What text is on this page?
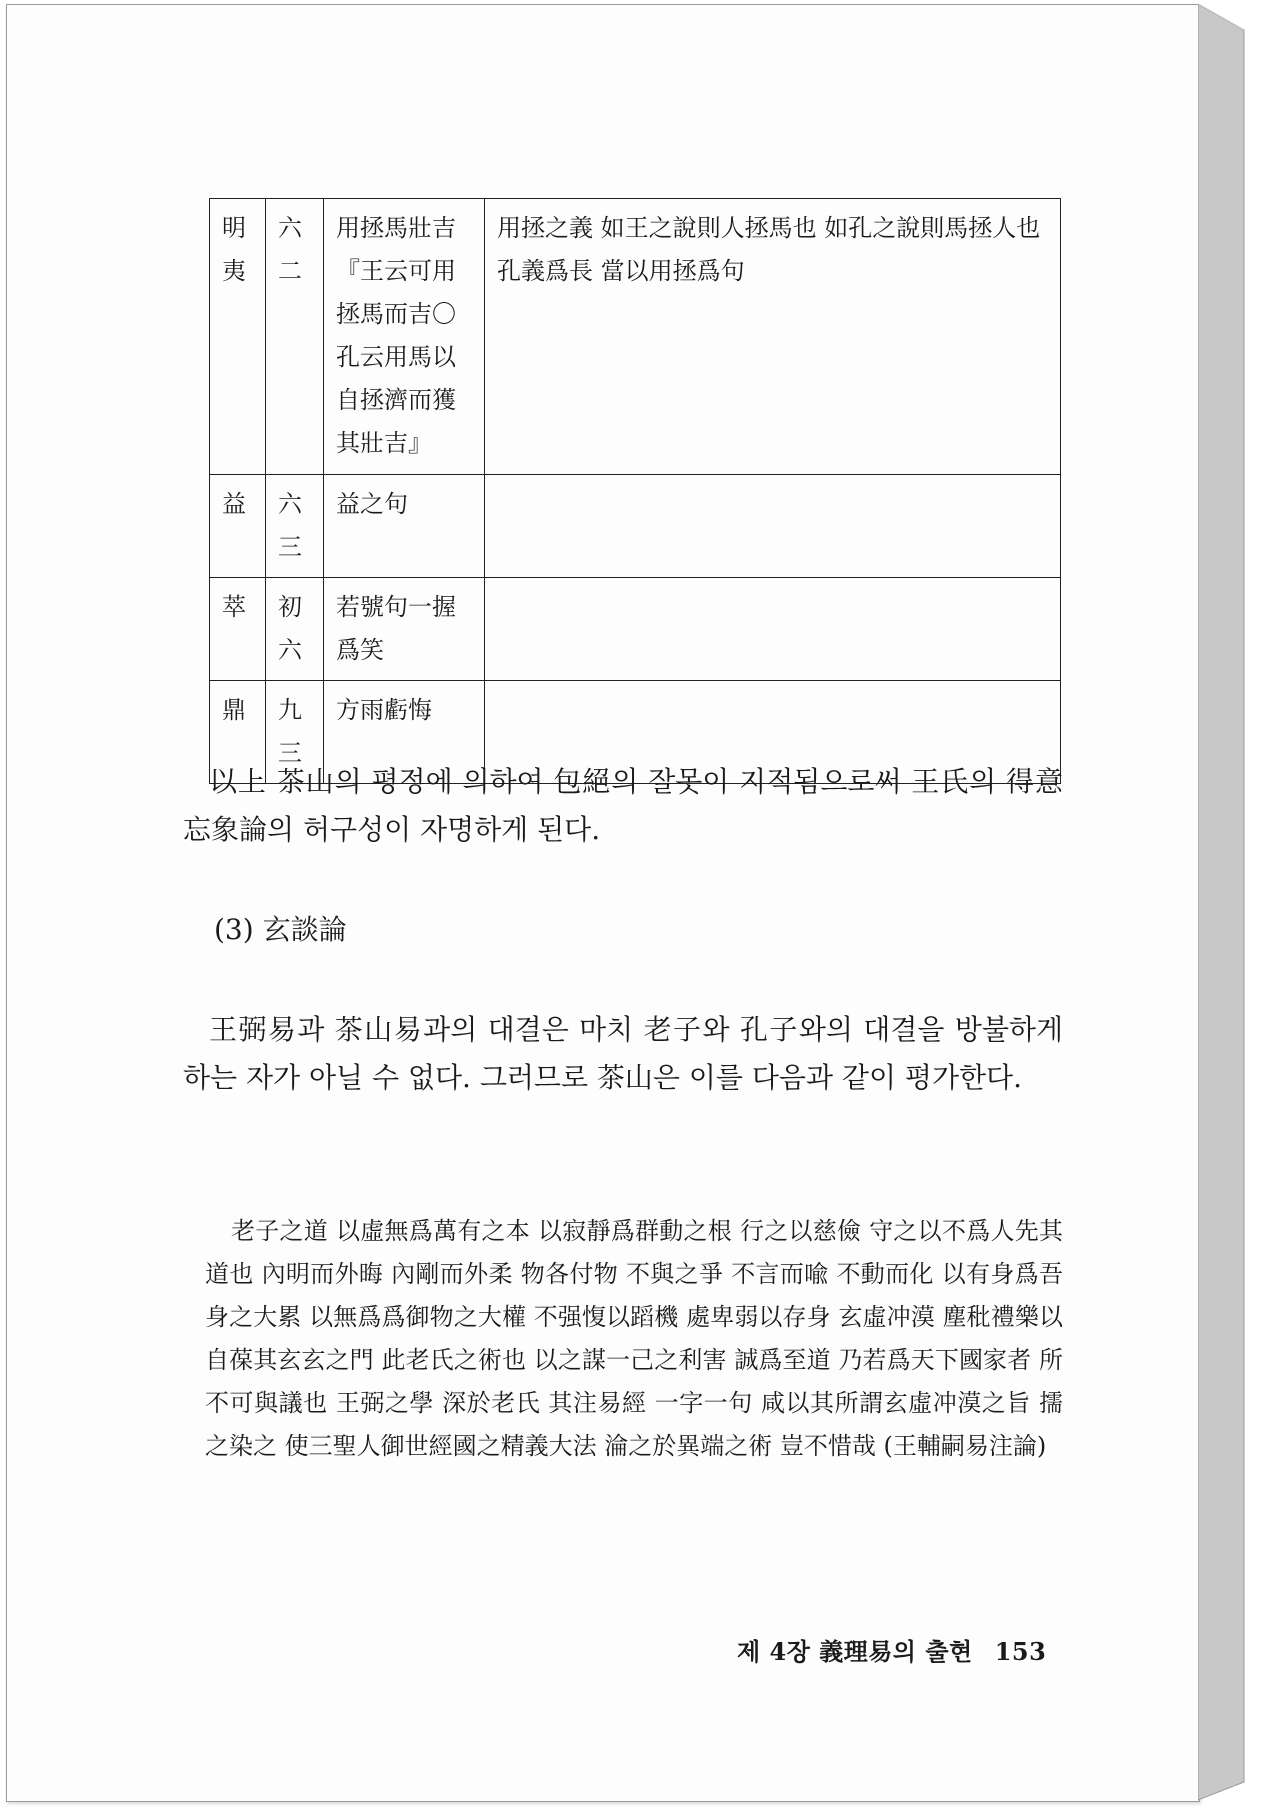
明夷	六二	用拯馬壯吉『王云可用拯馬而吉〇孔云用馬以自拯濟而獲其壯吉』	用拯之義 如王之說則人拯馬也 如孔之說則馬拯人也 孔義爲長 當以用拯爲句
益	六三	益之句	
萃	初六	若號句一握爲笑	
鼎	九三	方雨虧悔	

以上 茶山의 평정에 의하여 包絕의 잘못이 지적됨으로써 王氏의 得意忘象論의 허구성이 자명하게 된다.

(3) 玄談論

王弼易과 茶山易과의 대결은 마치 老子와 孔子와의 대결을 방불하게 하는 자가 아닐 수 없다. 그러므로 茶山은 이를 다음과 같이 평가한다.

老子之道 以虛無爲萬有之本 以寂靜爲群動之根 行之以慈儉 守之以不爲人先其道也 內明而外晦 內剛而外柔 物各付物 不與之爭 不言而喩 不動而化 以有身爲吾身之大累 以無爲爲御物之大權 不强愎以蹈機 處卑弱以存身 玄虛冲漠 塵秕禮樂以自葆其玄玄之門 此老氏之術也 以之謀一己之利害 誠爲至道 乃若爲天下國家者 所不可與議也 王弼之學 深於老氏 其注易經 一字一句 咸以其所謂玄虛冲漠之旨 擩之染之 使三聖人御世經國之精義大法 淪之於異端之術 豈不惜哉 (王輔嗣易注論)

제 4장 義理易의 출현 153
